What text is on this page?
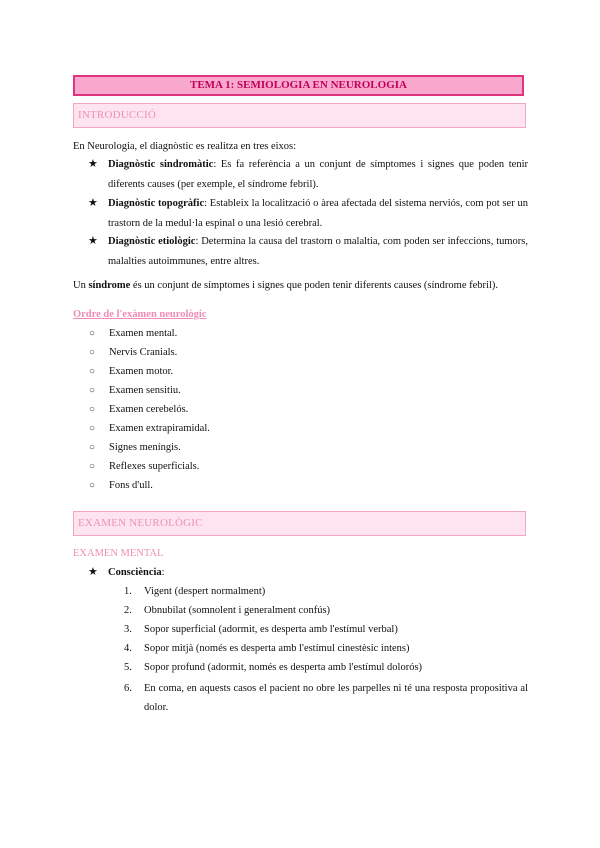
TEMA 1: SEMIOLOGIA EN NEUROLOGIA
INTRODUCCIÓ
En Neurologia, el diagnòstic es realitza en tres eixos:
★ Diagnòstic sindromàtic: Es fa referència a un conjunt de símptomes i signes que poden tenir diferents causes (per exemple, el síndrome febril).
★ Diagnòstic topogràfic: Estableix la localització o àrea afectada del sistema nerviós, com pot ser un trastorn de la medul·la espinal o una lesió cerebral.
★ Diagnòstic etiològic: Determina la causa del trastorn o malaltia, com poden ser infeccions, tumors, malalties autoimmunes, entre altres.
Un síndrome és un conjunt de símptomes i signes que poden tenir diferents causes (síndrome febril).
Ordre de l'exàmen neurològic
○ Examen mental.
○ Nervis Cranials.
○ Examen motor.
○ Examen sensitiu.
○ Examen cerebelós.
○ Examen extrapiramidal.
○ Signes meníngis.
○ Reflexes superficials.
○ Fons d'ull.
EXAMEN NEUROLÒGIC
EXAMEN MENTAL
★ Consciència:
1.	Vigent (despert normalment)
2.	Obnubilat (somnolent i generalment confús)
3.	Sopor superficial (adormit, es desperta amb l'estímul verbal)
4.	Sopor mitjà (només es desperta amb l'estímul cinestèsic intens)
5.	Sopor profund (adormit, només es desperta amb l'estímul dolorós)
6.	En coma, en aquests casos el pacient no obre les parpelles ni té una resposta propositiva al dolor.
